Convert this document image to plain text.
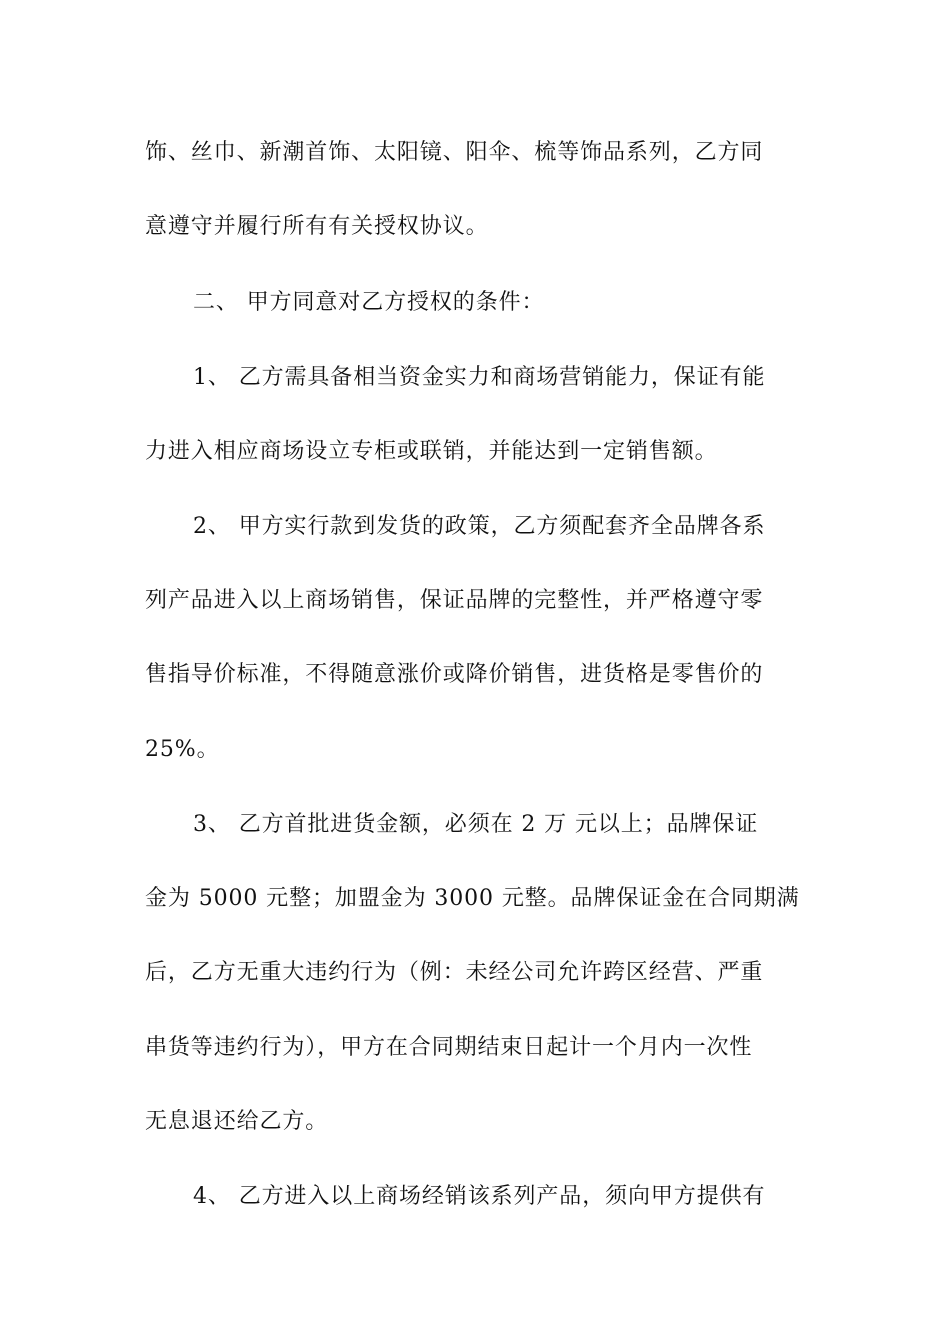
饰、丝巾、新潮首饰、太阳镜、阳伞、梳等饰品系列，乙方同
意遵守并履行所有有关授权协议。
二、 甲方同意对乙方授权的条件：
1、 乙方需具备相当资金实力和商场营销能力，保证有能
力进入相应商场设立专柜或联销，并能达到一定销售额。
2、 甲方实行款到发货的政策，乙方须配套齐全品牌各系
列产品进入以上商场销售，保证品牌的完整性，并严格遵守零
售指导价标准，不得随意涨价或降价销售，进货格是零售价的
25%。
3、 乙方首批进货金额，必须在 2 万 元以上；品牌保证
金为 5000 元整；加盟金为 3000 元整。品牌保证金在合同期满
后，乙方无重大违约行为（例：未经公司允许跨区经营、严重
串货等违约行为），甲方在合同期结束日起计一个月内一次性
无息退还给乙方。
4、 乙方进入以上商场经销该系列产品，须向甲方提供有
